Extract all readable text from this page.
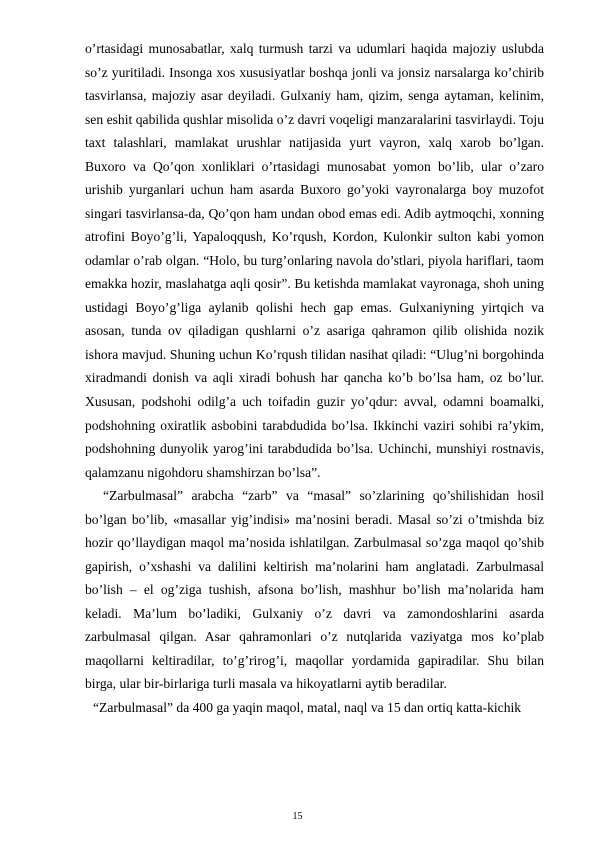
o’rtasidagi munosabatlar, xalq turmush tarzi va udumlari haqida majoziy uslubda so’z yuritiladi. Insonga xos xususiyatlar boshqa jonli va jonsiz narsalarga ko’chirib tasvirlansa, majoziy asar deyiladi. Gulxaniy ham, qizim, senga aytaman, kelinim, sen eshit qabilida qushlar misolida o’z davri voqeligi manzaralarini tasvirlaydi. Toju taxt talashlari, mamlakat urushlar natijasida yurt vayron, xalq xarob bo’lgan. Buxoro va Qo’qon xonliklari o’rtasidagi munosabat yomon bo’lib, ular o’zaro urishib yurganlari uchun ham asarda Buxoro go’yoki vayronalarga boy muzofot singari tasvirlansa-da, Qo’qon ham undan obod emas edi. Adib aytmoqchi, xonning atrofini Boyo’g’li, Yapaloqqush, Ko’rqush, Kordon, Kulonkir sulton kabi yomon odamlar o’rab olgan. “Holo, bu turg’onlaring navola do’stlari, piyola hariflari, taom emakka hozir, maslahatga aqli qosir”. Bu ketishda mamlakat vayronaga, shoh uning ustidagi Boyo’g’liga aylanib qolishi hech gap emas. Gulxaniyning yirtqich va asosan, tunda ov qiladigan qushlarni o’z asariga qahramon qilib olishida nozik ishora mavjud. Shuning uchun Ko’rqush tilidan nasihat qiladi: “Ulug’ni borgohinda xiradmandi donish va aqli xiradi bohush har qancha ko’b bo’lsa ham, oz bo’lur. Xususan, podshohi odilg’a uch toifadin guzir yo’qdur: avval, odamni boamalki, podshohning oxiratlik asbobini tarabdudida bo’lsa. Ikkinchi vaziri sohibi ra’ykim, podshohning dunyolik yarog’ini tarabdudida bo’lsa. Uchinchi, munshiyi rostnavis, qalamzanu nigohdoru shamshirzan bo’lsa”.

“Zarbulmasal” arabcha “zarb” va “masal” so’zlarining qo’shilishidan hosil bo’lgan bo’lib, «masallar yig’indisi» ma’nosini beradi. Masal so’zi o’tmishda biz hozir qo’llaydigan maqol ma’nosida ishlatilgan. Zarbulmasal so’zga maqol qo’shib gapirish, o’xshashi va dalilini keltirish ma’nolarini ham anglatadi. Zarbulmasal bo’lish – el og’ziga tushish, afsona bo’lish, mashhur bo’lish ma’nolarida ham keladi. Ma’lum bo’ladiki, Gulxaniy o’z davri va zamondoshlarini asarda zarbulmasal qilgan. Asar qahramonlari o’z nutqlarida vaziyatga mos ko’plab maqollarni keltiradilar, to’g’rirog’i, maqollar yordamida gapiradilar. Shu bilan birga, ular bir-birlariga turli masala va hikoyatlarni aytib beradilar.

“Zarbulmasal” da 400 ga yaqin maqol, matal, naql va 15 dan ortiq katta-kichik

15
